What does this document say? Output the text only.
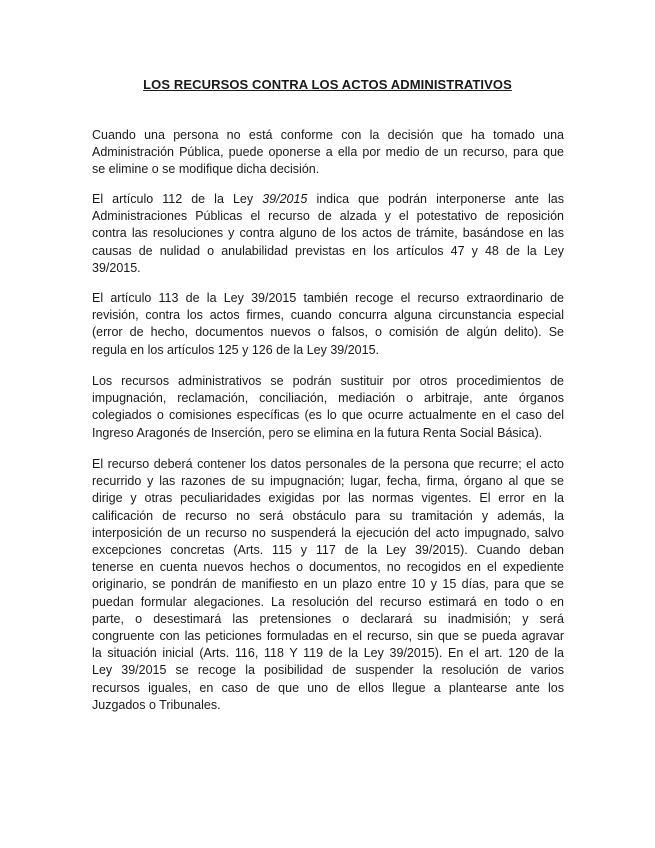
LOS RECURSOS CONTRA LOS ACTOS ADMINISTRATIVOS
Cuando una persona no está conforme con la decisión que ha tomado una
Administración Pública, puede oponerse a ella por medio de un recurso, para que
se elimine o se modifique dicha decisión.
El artículo 112 de la Ley 39/2015 indica que podrán interponerse ante las
Administraciones Públicas el recurso de alzada y el potestativo de reposición
contra las resoluciones y contra alguno de los actos de trámite, basándose en las
causas de nulidad o anulabilidad previstas en los artículos 47 y 48 de la Ley
39/2015.
El artículo 113 de la Ley 39/2015 también recoge el recurso extraordinario de
revisión, contra los actos firmes, cuando concurra alguna circunstancia especial
(error de hecho, documentos nuevos o falsos, o comisión de algún delito). Se
regula en los artículos 125 y 126 de la Ley 39/2015.
Los recursos administrativos se podrán sustituir por otros procedimientos de
impugnación, reclamación, conciliación, mediación o arbitraje, ante órganos
colegiados o comisiones específicas (es lo que ocurre actualmente en el caso del
Ingreso Aragonés de Inserción, pero se elimina en la futura Renta Social Básica).
El recurso deberá contener los datos personales de la persona que recurre; el acto
recurrido y las razones de su impugnación; lugar, fecha, firma, órgano al que se
dirige y otras peculiaridades exigidas por las normas vigentes. El error en la
calificación de recurso no será obstáculo para su tramitación y además, la
interposición de un recurso no suspenderá la ejecución del acto impugnado, salvo
excepciones concretas (Arts. 115 y 117 de la Ley 39/2015). Cuando deban
tenerse en cuenta nuevos hechos o documentos, no recogidos en el expediente
originario, se pondrán de manifiesto en un plazo entre 10 y 15 días, para que se
puedan formular alegaciones. La resolución del recurso estimará en todo o en
parte, o desestimará las pretensiones o declarará su inadmisión; y será
congruente con las peticiones formuladas en el recurso, sin que se pueda agravar
la situación inicial (Arts. 116, 118 Y 119 de la Ley 39/2015). En el art. 120 de la
Ley 39/2015 se recoge la posibilidad de suspender la resolución de varios
recursos iguales, en caso de que uno de ellos llegue a plantearse ante los
Juzgados o Tribunales.
